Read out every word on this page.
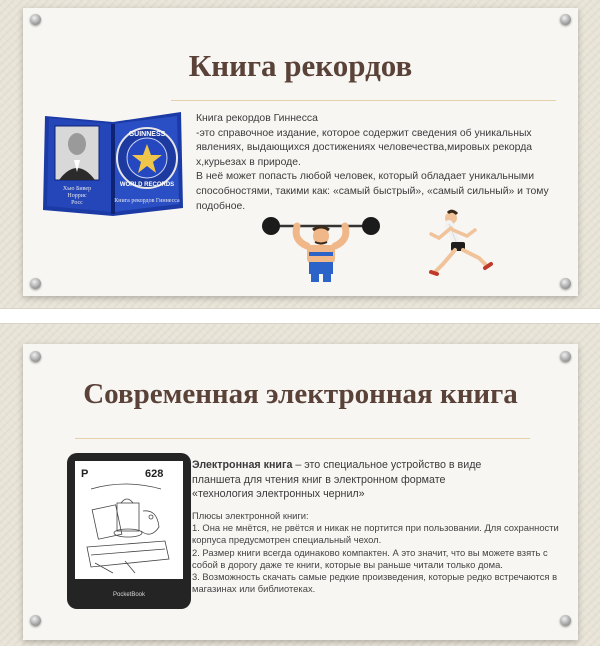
Книга рекордов
GUINNESS
WORLD RECORDS
Хью Бивер
Норрис
Росс	Книга рекордов Гиннесса

Книга рекордов Гиннесса

-это справочное издание, которое содержит сведения об уникальных явлениях, выдающихся достижениях человечества,мировых рекорда х,курьезах в природе.

В неё может попасть любой человек, который обладает уникальными способностями, такими как: «самый быстрый», «самый сильный» и тому подобное.

Современная электронная книга
P	628
PocketBook

Электронная книга – это специальное устройство в виде планшета для чтения книг в электронном формате «технология электронных чернил»

Плюсы электронной книги:

1. Она не мнётся, не рвётся и никак не портится при пользовании. Для сохранности корпуса предусмотрен специальный чехол.

2. Размер книги всегда одинаково компактен. А это значит, что вы можете взять с собой в дорогу даже те книги, которые вы раньше читали только дома.

3. Возможность скачать самые редкие произведения, которые редко встречаются в магазинах или библиотеках.
